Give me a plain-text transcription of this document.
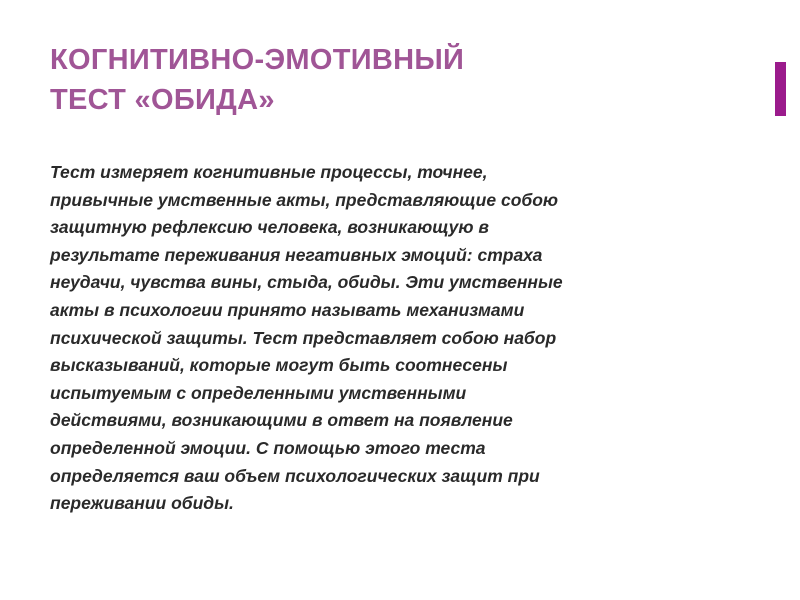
КОГНИТИВНО-ЭМОТИВНЫЙ
ТЕСТ «ОБИДА»

Тест измеряет когнитивные процессы, точнее,
привычные умственные акты, представляющие собою
защитную рефлексию человека, возникающую в
результате переживания негативных эмоций: страха
неудачи, чувства вины, стыда, обиды. Эти умственные
акты в психологии принято называть механизмами
психической защиты. Тест представляет собою набор
высказываний, которые могут быть соотнесены
испытуемым с определенными умственными
действиями, возникающими в ответ на появление
определенной эмоции. С помощью этого теста
определяется ваш объем психологических защит при
переживании обиды.
